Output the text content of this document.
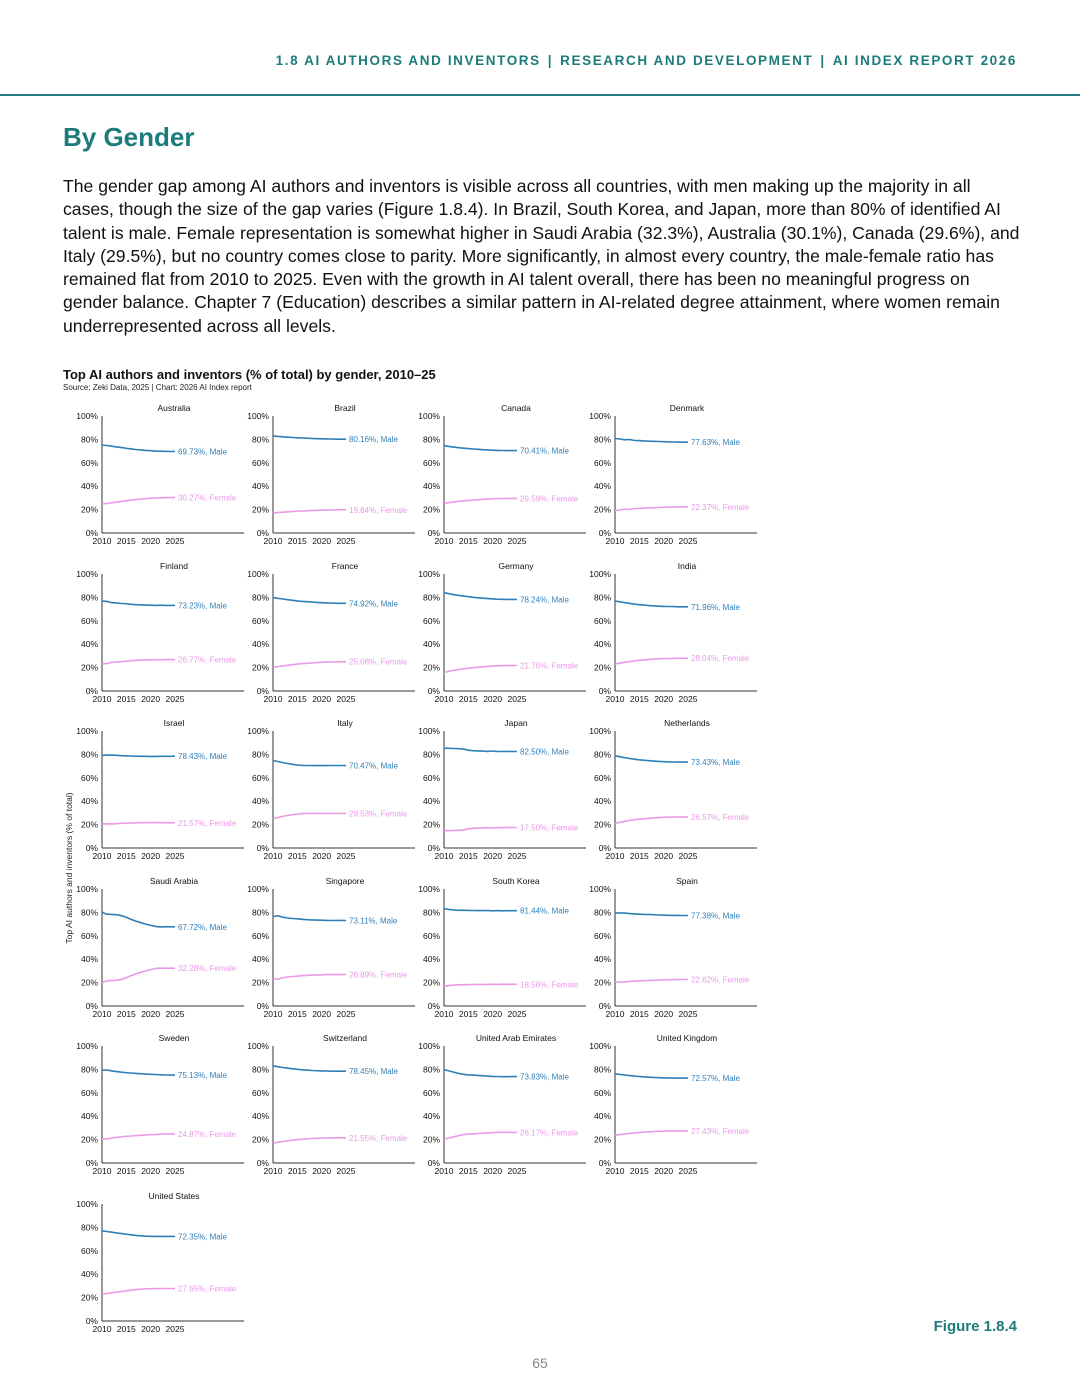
1.8 AI AUTHORS AND INVENTORS | RESEARCH AND DEVELOPMENT | AI INDEX REPORT 2026
By Gender

The gender gap among AI authors and inventors is visible across all countries, with men making up the majority in all cases, though the size of the gap varies (Figure 1.8.4). In Brazil, South Korea, and Japan, more than 80% of identified AI talent is male. Female representation is somewhat higher in Saudi Arabia (32.3%), Australia (30.1%), Canada (29.6%), and Italy (29.5%), but no country comes close to parity. More significantly, in almost every country, the male-female ratio has remained flat from 2010 to 2025. Even with the growth in AI talent overall, there has been no meaningful progress on gender balance. Chapter 7 (Education) describes a similar pattern in AI-related degree attainment, where women remain underrepresented across all levels.

Top AI authors and inventors (% of total) by gender, 2010–25
Source: Zeki Data, 2025 | Chart: 2026 AI Index report
Top AI authors and inventors (% of total)
Australia
0%
20%
40%
60%
80%
100%
2010 2015 2020 2025
69.73%, Male
30.27%, Female
Brazil
0%
20%
40%
60%
80%
100%
2010 2015 2020 2025
80.16%, Male
19.84%, Female
Canada
0%
20%
40%
60%
80%
100%
2010 2015 2020 2025
70.41%, Male
29.59%, Female
Denmark
0%
20%
40%
60%
80%
100%
2010 2015 2020 2025
77.63%, Male
22.37%, Female
Finland
0%
20%
40%
60%
80%
100%
2010 2015 2020 2025
73.23%, Male
26.77%, Female
France
0%
20%
40%
60%
80%
100%
2010 2015 2020 2025
74.92%, Male
25.08%, Female
Germany
0%
20%
40%
60%
80%
100%
2010 2015 2020 2025
78.24%, Male
21.76%, Female
India
0%
20%
40%
60%
80%
100%
2010 2015 2020 2025
71.96%, Male
28.04%, Female
Israel
0%
20%
40%
60%
80%
100%
2010 2015 2020 2025
78.43%, Male
21.57%, Female
Italy
0%
20%
40%
60%
80%
100%
2010 2015 2020 2025
70.47%, Male
29.53%, Female
Japan
0%
20%
40%
60%
80%
100%
2010 2015 2020 2025
82.50%, Male
17.50%, Female
Netherlands
0%
20%
40%
60%
80%
100%
2010 2015 2020 2025
73.43%, Male
26.57%, Female
Saudi Arabia
0%
20%
40%
60%
80%
100%
2010 2015 2020 2025
67.72%, Male
32.28%, Female
Singapore
0%
20%
40%
60%
80%
100%
2010 2015 2020 2025
73.11%, Male
26.89%, Female
South Korea
0%
20%
40%
60%
80%
100%
2010 2015 2020 2025
81.44%, Male
18.56%, Female
Spain
0%
20%
40%
60%
80%
100%
2010 2015 2020 2025
77.38%, Male
22.62%, Female
Sweden
0%
20%
40%
60%
80%
100%
2010 2015 2020 2025
75.13%, Male
24.87%, Female
Switzerland
0%
20%
40%
60%
80%
100%
2010 2015 2020 2025
78.45%, Male
21.55%, Female
United Arab Emirates
0%
20%
40%
60%
80%
100%
2010 2015 2020 2025
73.83%, Male
26.17%, Female
United Kingdom
0%
20%
40%
60%
80%
100%
2010 2015 2020 2025
72.57%, Male
27.43%, Female
United States
0%
20%
40%
60%
80%
100%
2010 2015 2020 2025
72.35%, Male
27.65%, Female
Figure 1.8.4
65
